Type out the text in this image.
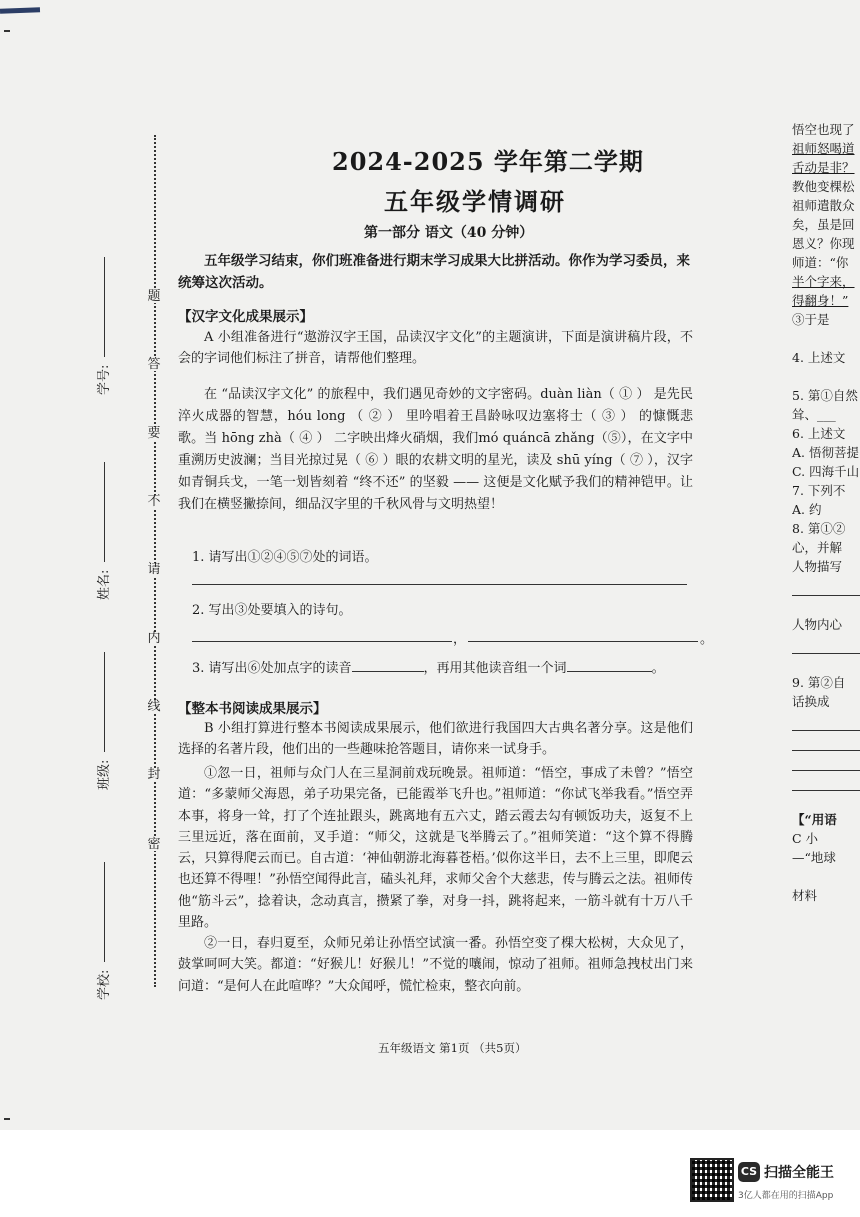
题
答
要
不
请
内
线
封
密
学号:
姓名:
班级:
学校:
2024-2025 学年第二学期
五年级学情调研
第一部分 语文（40 分钟）
五年级学习结束，你们班准备进行期末学习成果大比拼活动。你作为学习委员，来统筹这次活动。
【汉字文化成果展示】
A 小组准备进行“遨游汉字王国，品读汉字文化”的主题演讲，下面是演讲稿片段，不会的字词他们标注了拼音，请帮他们整理。
在 “品读汉字文化” 的旅程中，我们遇见奇妙的文字密码。duàn liàn（ ① ） 是先民淬火成器的智慧，hóu long （ ② ） 里吟唱着王昌龄咏叹边塞将士（ ③ ） 的慷慨悲歌。当 hōng zhà（ ④ ） 二字映出烽火硝烟，我们mó quáncā zhǎng（⑤），在文字中重溯历史波澜；当目光掠过晃（ ⑥ ）眼的农耕文明的星光，读及 shū yíng（ ⑦ ），汉字如青铜兵戈，一笔一划皆刻着 “终不还” 的坚毅 —— 这便是文化赋予我们的精神铠甲。让我们在横竖撇捺间，细品汉字里的千秋风骨与文明热望！
1. 请写出①②④⑤⑦处的词语。
2. 写出③处要填入的诗句。
，	。
3. 请写出⑥处加点字的读音	，再用其他读音组一个词	。
【整本书阅读成果展示】
B 小组打算进行整本书阅读成果展示，他们欲进行我国四大古典名著分享。这是他们选择的名著片段，他们出的一些趣味抢答题目，请你来一试身手。
①忽一日，祖师与众门人在三星洞前戏玩晚景。祖师道：“悟空，事成了未曾？”悟空道：“多蒙师父海恩，弟子功果完备，已能霞举飞升也。”祖师道：“你试飞举我看。”悟空弄本事，将身一耸，打了个连扯跟头，跳离地有五六丈，踏云霞去勾有顿饭功夫，返复不上三里远近，落在面前，叉手道：“师父，这就是飞举腾云了。”祖师笑道：“这个算不得腾云，只算得爬云而已。自古道：‘神仙朝游北海暮苍梧。’似你这半日，去不上三里，即爬云也还算不得哩！”孙悟空闻得此言，磕头礼拜，求师父舍个大慈悲，传与腾云之法。祖师传他“筋斗云”，捻着诀，念动真言，攒紧了拳，对身一抖，跳将起来，一筋斗就有十万八千里路。
②一日，春归夏至，众师兄弟让孙悟空试演一番。孙悟空变了棵大松树，大众见了，鼓掌呵呵大笑。都道：“好猴儿！好猴儿！”不觉的嚷闹，惊动了祖师。祖师急拽杖出门来问道：“是何人在此喧哗？”大众闻呼，慌忙检束，整衣向前。
五年级语文 第1页 （共5页）
悟空也现了
祖师怒喝道
舌动是非？
教他变棵松
祖师遣散众
矣，虽是回
恩义？你现
师道：“你
半个字来，
得翻身！”
③于是

4. 上述文

5. 第①自然
耸、___
6. 上述文
A. 悟彻菩提
C. 四海千山
7. 下列不
A. 约
8. 第①②
心，并解
人物描写

人物内心

9. 第②自
话换成

【“用语
C 小
—“地球

材料
CS 扫描全能王
3亿人都在用的扫描App
